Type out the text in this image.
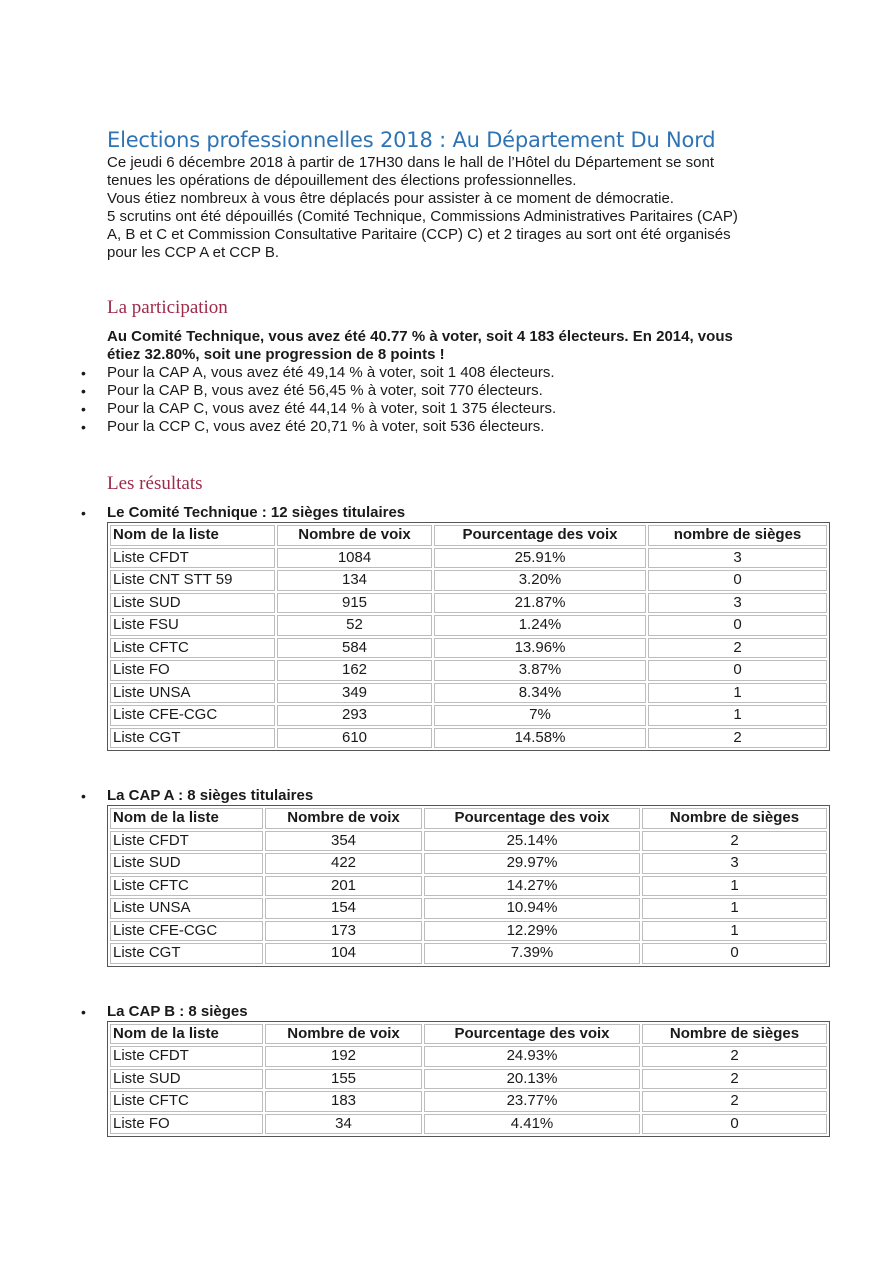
Elections professionnelles 2018 : Au Département Du Nord

Ce jeudi 6 décembre 2018 à partir de 17H30 dans le hall de l’Hôtel du Département se sont

tenues les opérations de dépouillement des élections professionnelles.

Vous étiez nombreux à vous être déplacés pour assister à ce moment de démocratie.

5 scrutins ont été dépouillés (Comité Technique, Commissions Administratives Paritaires (CAP)

A, B et C et Commission Consultative Paritaire (CCP) C) et 2 tirages au sort ont été organisés

pour les CCP A et CCP B.

La participation

Au Comité Technique, vous avez été 40.77 % à voter, soit 4 183 électeurs. En 2014, vous

étiez 32.80%, soit une progression de 8 points !

• Pour la CAP A, vous avez été 49,14 % à voter, soit 1 408 électeurs.
• Pour la CAP B, vous avez été 56,45 % à voter, soit 770 électeurs.
• Pour la CAP C, vous avez été 44,14 % à voter, soit 1 375 électeurs.
• Pour la CCP C, vous avez été 20,71 % à voter, soit 536 électeurs.
Les résultats
• Le Comité Technique : 12 sièges titulaires
Nom de la liste	Nombre de voix	Pourcentage des voix	nombre de sièges
Liste CFDT	1084	25.91%	3
Liste CNT STT 59	134	3.20%	0
Liste SUD	915	21.87%	3
Liste FSU	52	1.24%	0
Liste CFTC	584	13.96%	2
Liste FO	162	3.87%	0
Liste UNSA	349	8.34%	1
Liste CFE-CGC	293	7%	1
Liste CGT	610	14.58%	2
• La CAP A : 8 sièges titulaires
Nom de la liste	Nombre de voix	Pourcentage des voix	Nombre de sièges
Liste CFDT	354	25.14%	2
Liste SUD	422	29.97%	3
Liste CFTC	201	14.27%	1
Liste UNSA	154	10.94%	1
Liste CFE-CGC	173	12.29%	1
Liste CGT	104	7.39%	0
• La CAP B : 8 sièges
Nom de la liste	Nombre de voix	Pourcentage des voix	Nombre de sièges
Liste CFDT	192	24.93%	2
Liste SUD	155	20.13%	2
Liste CFTC	183	23.77%	2
Liste FO	34	4.41%	0
